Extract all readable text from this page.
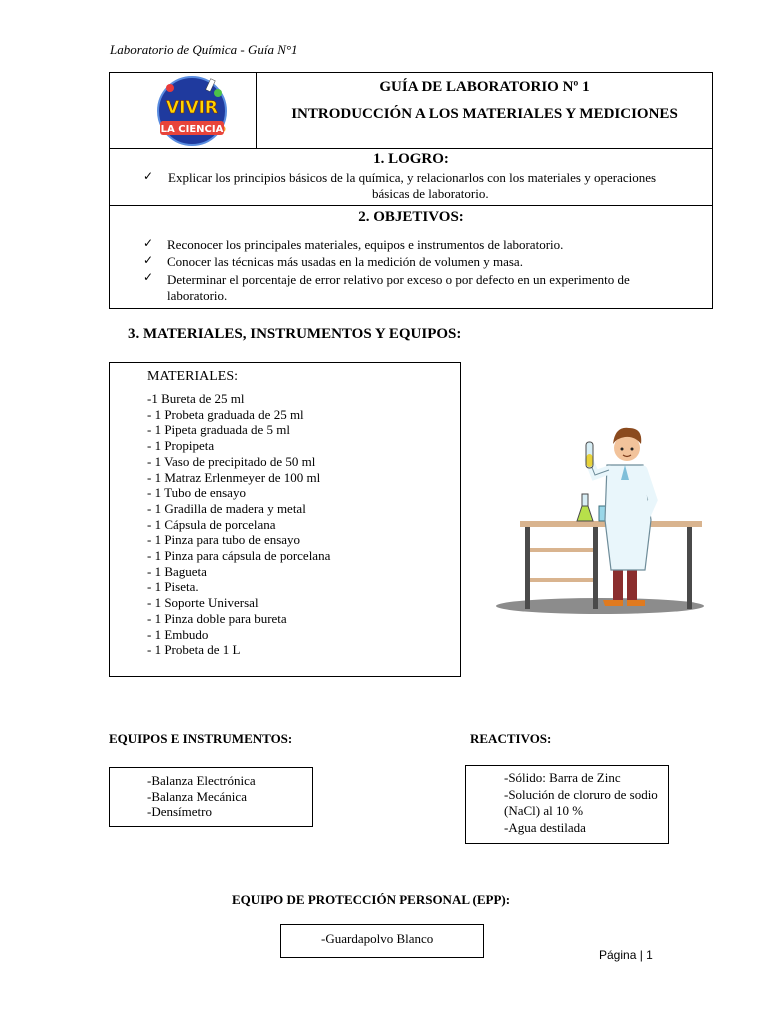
Laboratorio de Química - Guía N°1
VIVIR
LA CIENCIA
GUÍA DE LABORATORIO Nº 1
INTRODUCCIÓN A LOS MATERIALES Y MEDICIONES
1. LOGRO:
✓ Explicar los principios básicos de la química, y relacionarlos con los materiales y operaciones
básicas de laboratorio.
2. OBJETIVOS:
✓ Reconocer los principales materiales, equipos e instrumentos de laboratorio.
✓ Conocer las técnicas más usadas en la medición de volumen y masa.
✓ Determinar el porcentaje de error relativo por exceso o por defecto en un experimento de
laboratorio.
3. MATERIALES, INSTRUMENTOS Y EQUIPOS:
MATERIALES:
-1 Bureta de 25 ml
- 1 Probeta graduada de 25 ml
- 1 Pipeta graduada de 5 ml
- 1 Propipeta
- 1 Vaso de precipitado de 50 ml
- 1 Matraz Erlenmeyer de 100 ml
- 1 Tubo de ensayo
- 1 Gradilla de madera y metal
- 1 Cápsula de porcelana
- 1 Pinza para tubo de ensayo
- 1 Pinza para cápsula de porcelana
- 1 Bagueta
- 1 Piseta.
- 1 Soporte Universal
- 1 Pinza doble para bureta
- 1 Embudo
- 1 Probeta de 1 L
EQUIPOS E INSTRUMENTOS:
-Balanza Electrónica
-Balanza Mecánica
-Densímetro
REACTIVOS:
-Sólido: Barra de Zinc
-Solución de cloruro de sodio (NaCl) al 10 %
-Agua destilada
EQUIPO DE PROTECCIÓN PERSONAL (EPP):
-Guardapolvo Blanco
Página | 1
